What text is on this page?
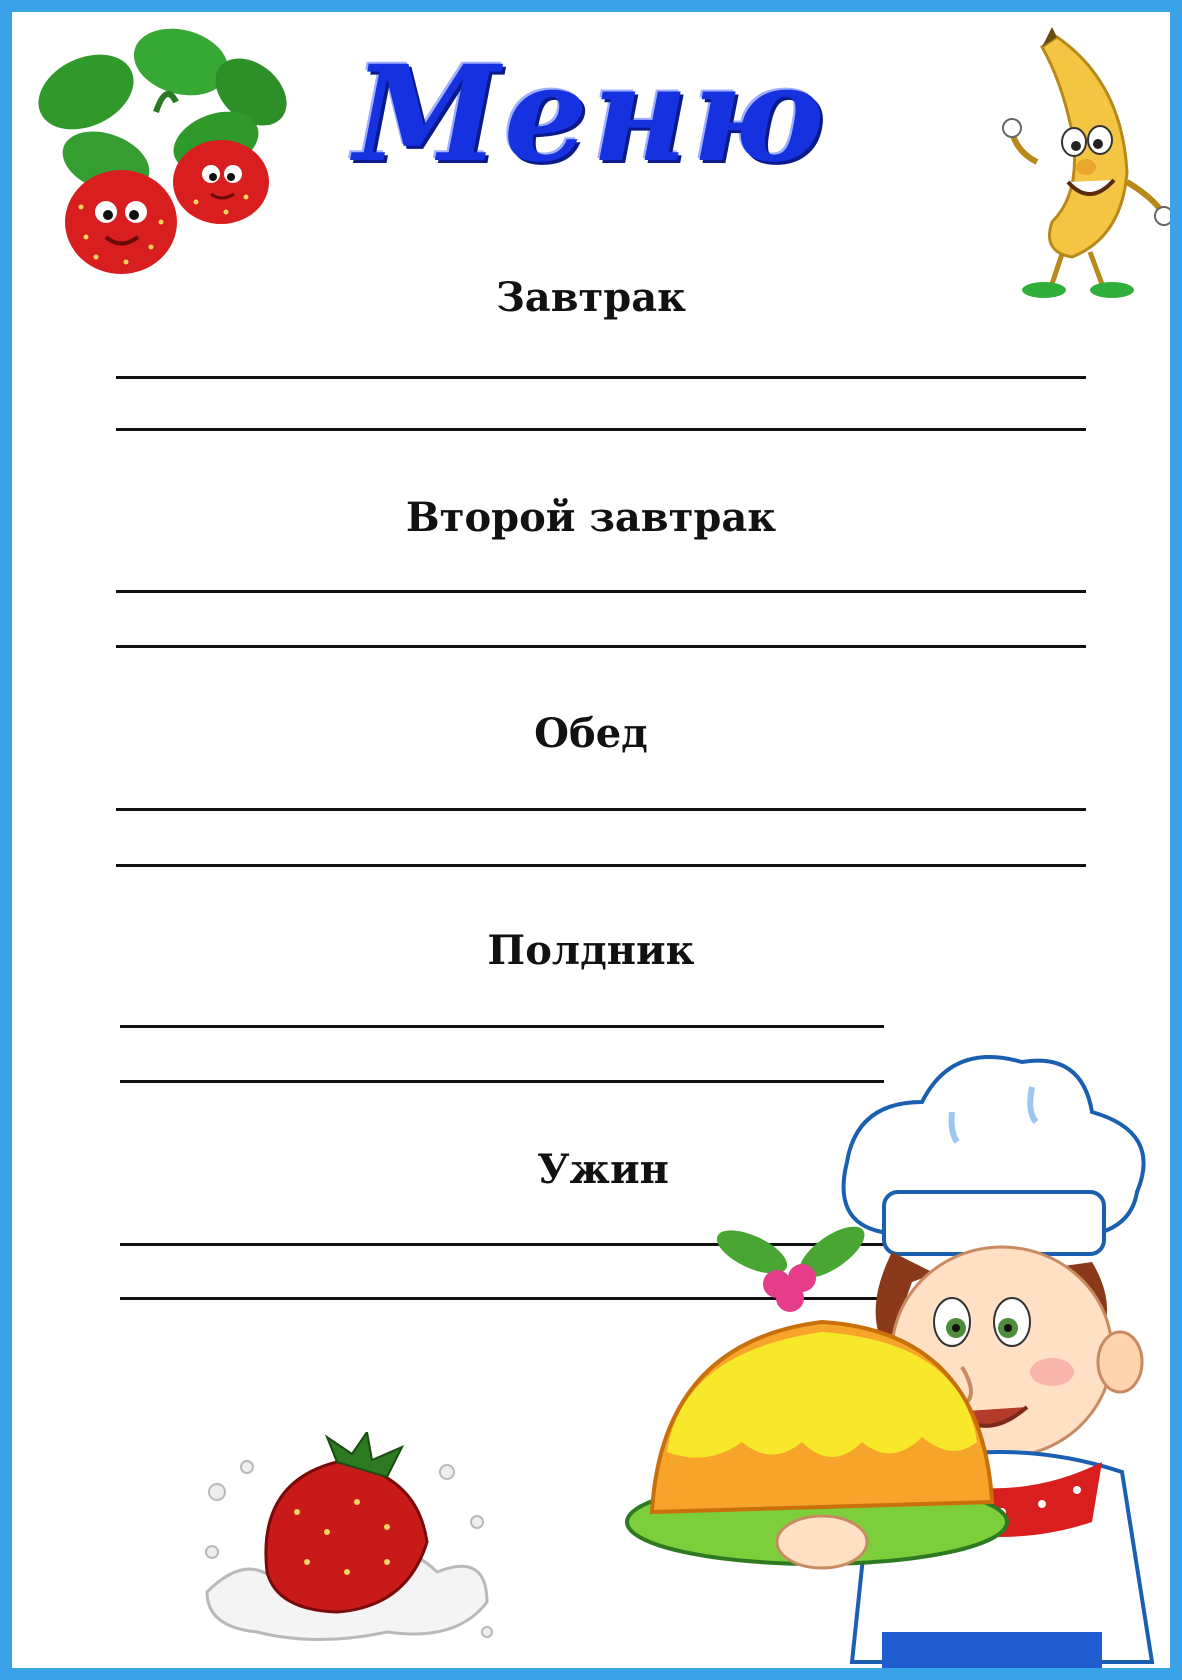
Меню
Завтрак
Второй завтрак
Обед
Полдник
Ужин
